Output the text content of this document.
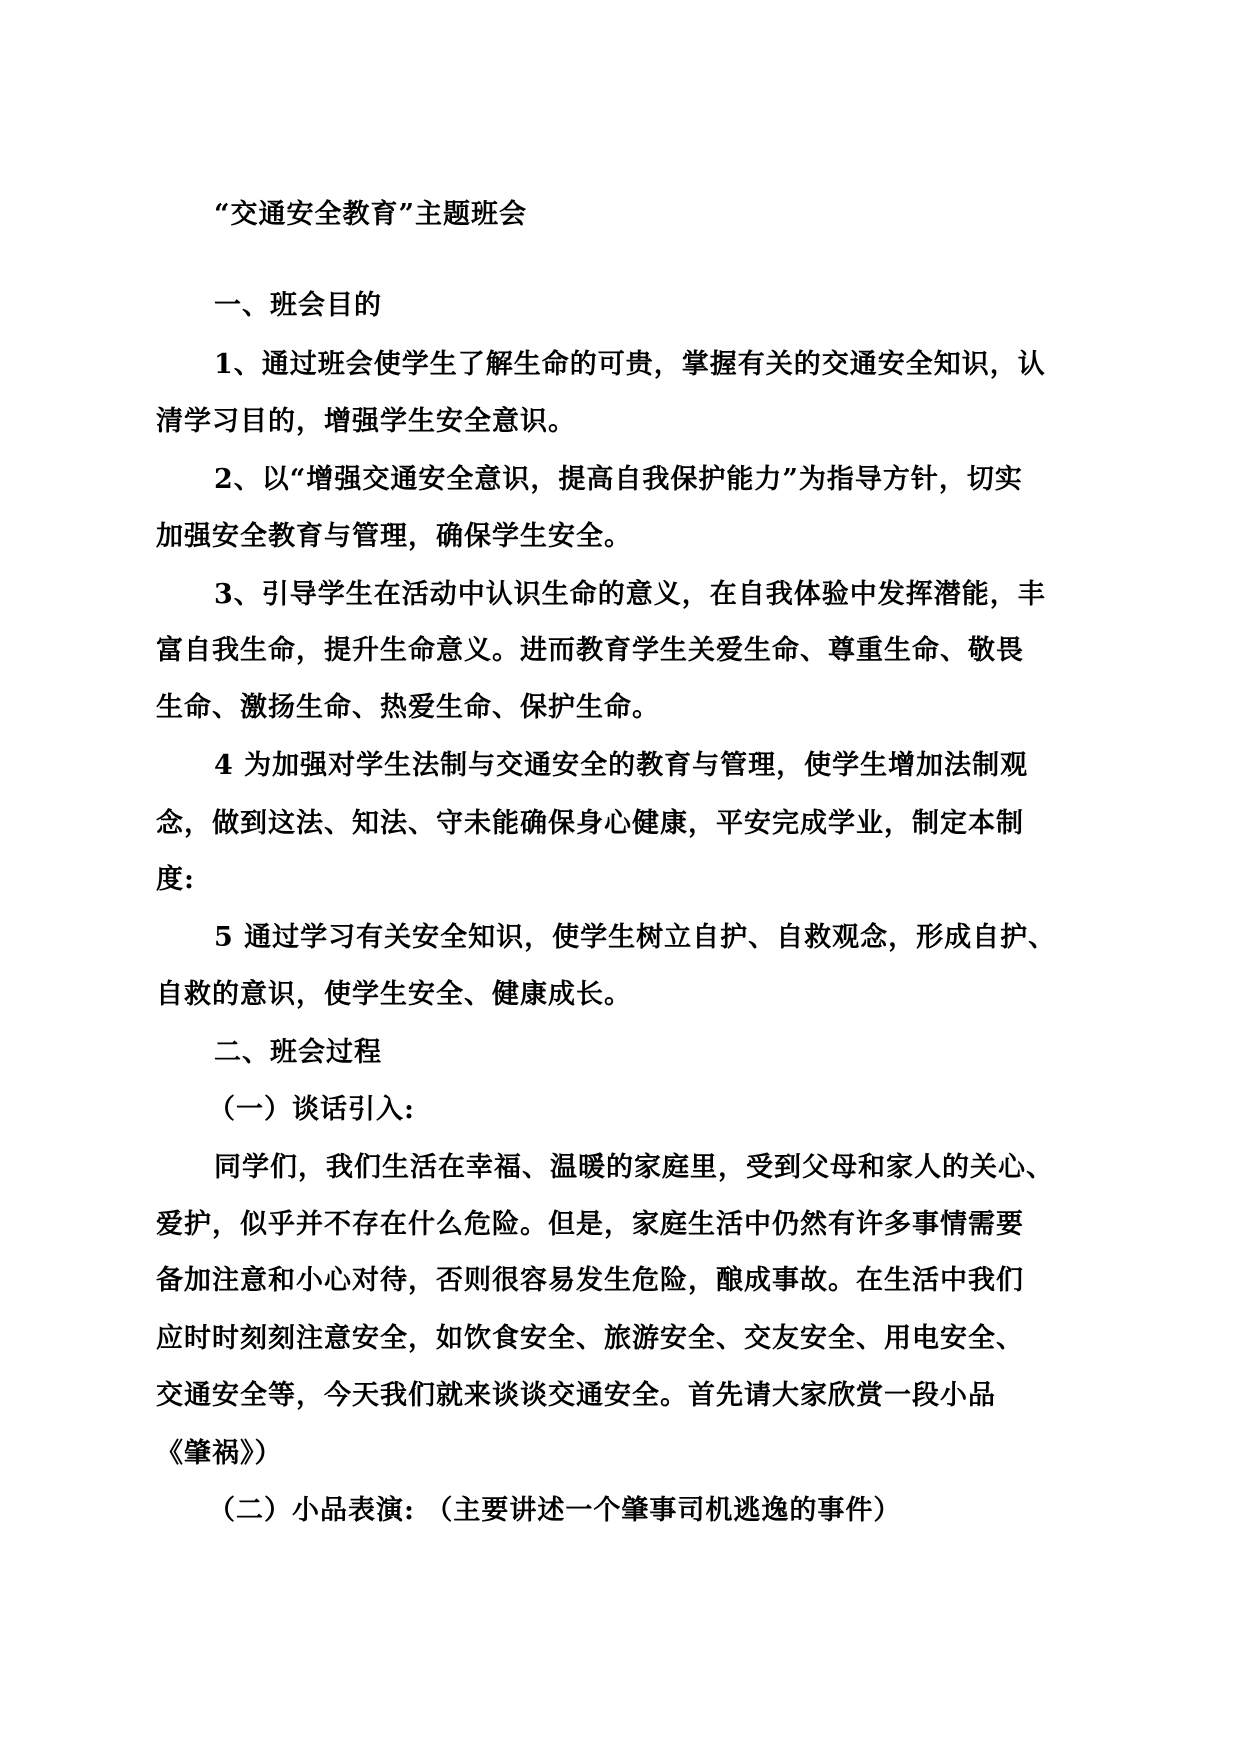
“交通安全教育”主题班会
一、班会目的
1、通过班会使学生了解生命的可贵，掌握有关的交通安全知识，认
清学习目的，增强学生安全意识。
2、以“增强交通安全意识，提高自我保护能力”为指导方针，切实
加强安全教育与管理，确保学生安全。
3、引导学生在活动中认识生命的意义，在自我体验中发挥潜能，丰
富自我生命，提升生命意义。进而教育学生关爱生命、尊重生命、敬畏
生命、激扬生命、热爱生命、保护生命。
4 为加强对学生法制与交通安全的教育与管理，使学生增加法制观
念，做到这法、知法、守未能确保身心健康，平安完成学业，制定本制
度:
5 通过学习有关安全知识，使学生树立自护、自救观念，形成自护、
自救的意识，使学生安全、健康成长。
二、班会过程
（一）谈话引入:
同学们，我们生活在幸福、温暖的家庭里，受到父母和家人的关心、
爱护，似乎并不存在什么危险。但是，家庭生活中仍然有许多事情需要
备加注意和小心对待，否则很容易发生危险，酿成事故。在生活中我们
应时时刻刻注意安全，如饮食安全、旅游安全、交友安全、用电安全、
交通安全等，今天我们就来谈谈交通安全。首先请大家欣赏一段小品
《肇祸》）
（二）小品表演: （主要讲述一个肇事司机逃逸的事件）
